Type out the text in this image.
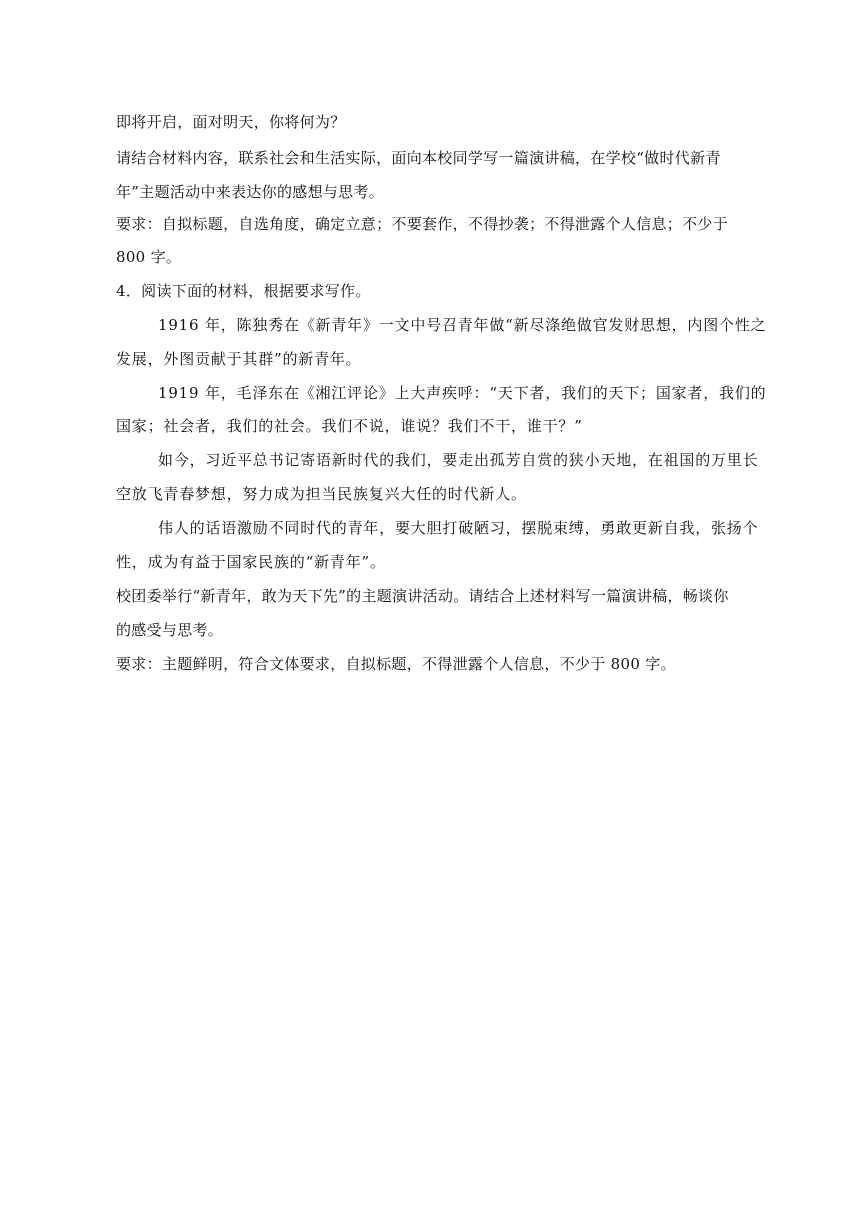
即将开启，面对明天，你将何为？
请结合材料内容，联系社会和生活实际，面向本校同学写一篇演讲稿，在学校“做时代新青
年”主题活动中来表达你的感想与思考。
要求：自拟标题，自选角度，确定立意；不要套作，不得抄袭；不得泄露个人信息；不少于
800 字。
4．阅读下面的材料，根据要求写作。
1916 年，陈独秀在《新青年》一文中号召青年做“新尽涤绝做官发财思想，内图个性之
发展，外图贡献于其群”的新青年。
1919 年，毛泽东在《湘江评论》上大声疾呼：“天下者，我们的天下；国家者，我们的
国家；社会者，我们的社会。我们不说，谁说？我们不干，谁干？”
如今，习近平总书记寄语新时代的我们，要走出孤芳自赏的狭小天地，在祖国的万里长
空放飞青春梦想，努力成为担当民族复兴大任的时代新人。
伟人的话语激励不同时代的青年，要大胆打破陋习，摆脱束缚，勇敢更新自我，张扬个
性，成为有益于国家民族的“新青年”。
校团委举行“新青年，敢为天下先”的主题演讲活动。请结合上述材料写一篇演讲稿，畅谈你
的感受与思考。
要求：主题鲜明，符合文体要求，自拟标题，不得泄露个人信息，不少于 800 字。
